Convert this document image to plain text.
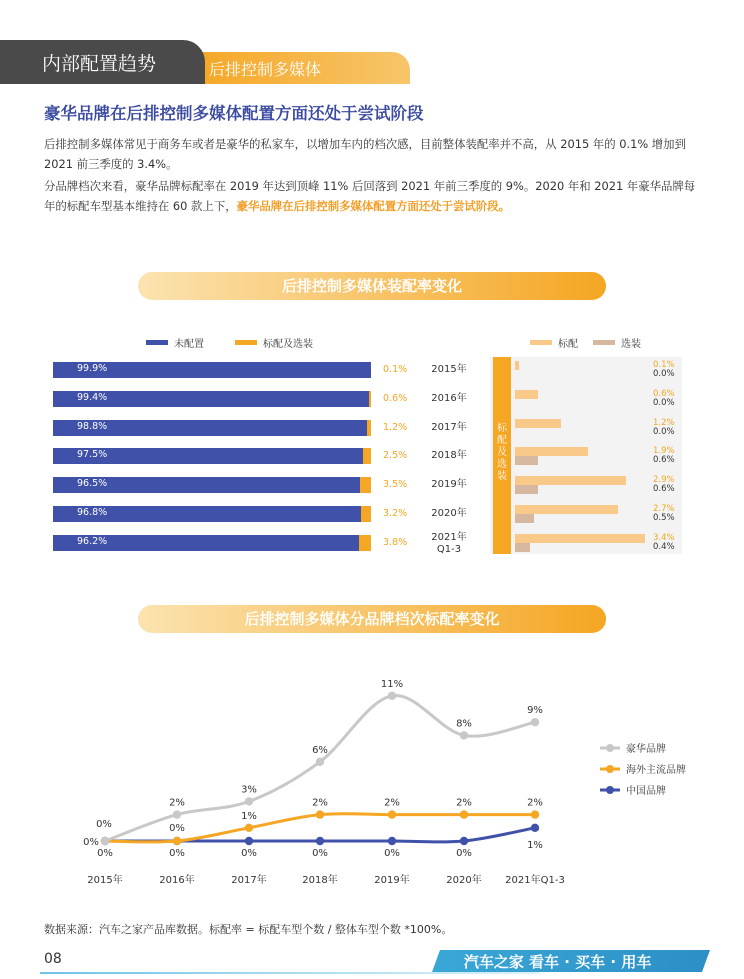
后排控制多媒体
内部配置趋势
豪华品牌在后排控制多媒体配置方面还处于尝试阶段
后排控制多媒体常见于商务车或者是豪华的私家车，以增加车内的档次感，目前整体装配率并不高，从 2015 年的 0.1% 增加到 2021 前三季度的 3.4%。
分品牌档次来看，豪华品牌标配率在 2019 年达到顶峰 11% 后回落到 2021 年前三季度的 9%。2020 年和 2021 年豪华品牌每年的标配车型基本维持在 60 款上下，豪华品牌在后排控制多媒体配置方面还处于尝试阶段。
后排控制多媒体装配率变化
未配置	标配及选装	标配	选装
99.9%	0.1%	2015年
99.4%	0.6%	2016年
98.8%	1.2%	2017年
97.5%	2.5%	2018年
96.5%	3.5%	2019年
96.8%	3.2%	2020年
96.2%	3.8%	2021年
Q1-3
标配及选装
0.1%
0.0%
0.6%
0.0%
1.2%
0.0%
1.9%
0.6%
2.9%
0.6%
2.7%
0.5%
3.4%
0.4%
后排控制多媒体分品牌档次标配率变化
0%
2%
3%
6%
11%
8%
9%
0%
0%
1%
2%	2%	2%	2%
0%	0%	0%	0%	0%	0%
1%
2015年	2016年	2017年	2018年	2019年	2020年 2021年Q1-3
豪华品牌
海外主流品牌
中国品牌
数据来源：汽车之家产品库数据。标配率 = 标配车型个数 / 整体车型个数 *100%。
08	汽车之家 看车 · 买车 · 用车
